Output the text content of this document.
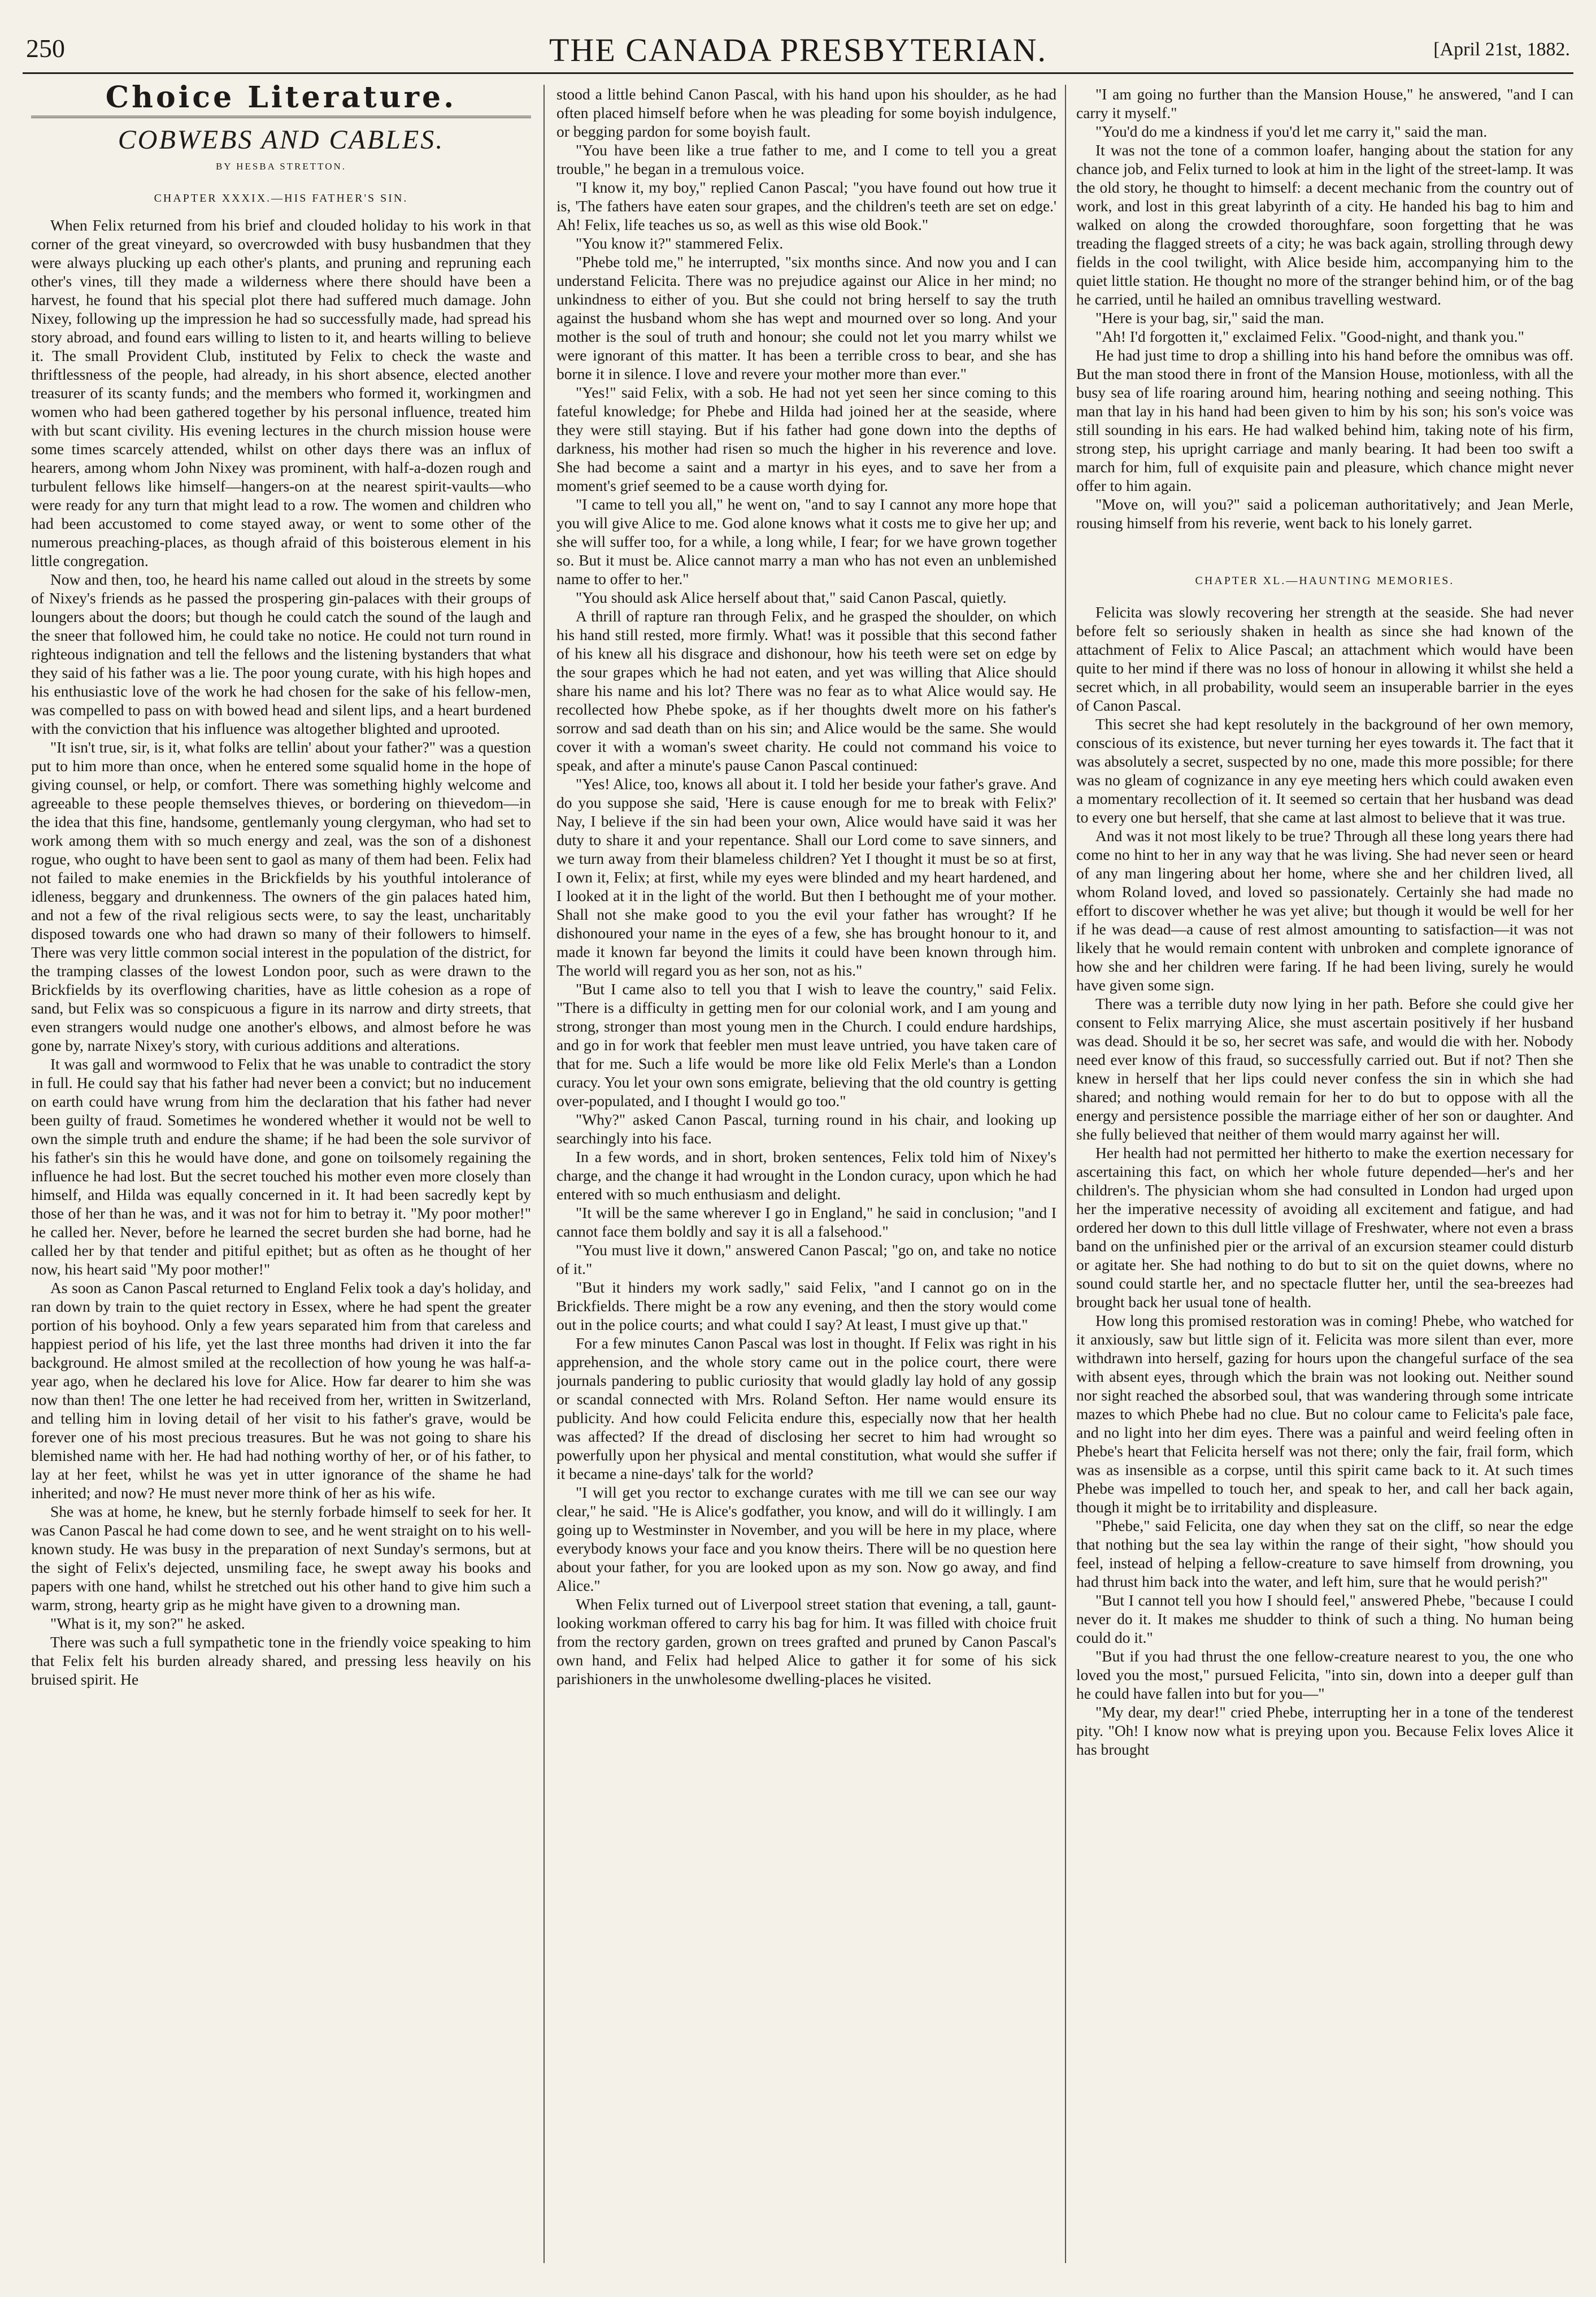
250	THE CANADA PRESBYTERIAN.	[April 21st, 1882.
Choice Literature.
COBWEBS AND CABLES.
BY HESBA STRETTON.
CHAPTER XXXIX.—HIS FATHER'S SIN.

When Felix returned from his brief and clouded holiday to his work in that corner of the great vineyard, so overcrowded with busy husbandmen that they were always plucking up each other's plants, and pruning and repruning each other's vines, till they made a wilderness where there should have been a harvest, he found that his special plot there had suffered much damage. John Nixey, following up the impression he had so successfully made, had spread his story abroad, and found ears willing to listen to it, and hearts willing to believe it. The small Provident Club, instituted by Felix to check the waste and thriftlessness of the people, had already, in his short absence, elected another treasurer of its scanty funds; and the members who formed it, workingmen and women who had been gathered together by his personal influence, treated him with but scant civility. His evening lectures in the church mission house were some times scarcely attended, whilst on other days there was an influx of hearers, among whom John Nixey was prominent, with half-a-dozen rough and turbulent fellows like himself—hangers-on at the nearest spirit-vaults—who were ready for any turn that might lead to a row. The women and children who had been accustomed to come stayed away, or went to some other of the numerous preaching-places, as though afraid of this boisterous element in his little congregation.

Now and then, too, he heard his name called out aloud in the streets by some of Nixey's friends as he passed the prospering gin-palaces with their groups of loungers about the doors; but though he could catch the sound of the laugh and the sneer that followed him, he could take no notice. He could not turn round in righteous indignation and tell the fellows and the listening bystanders that what they said of his father was a lie. The poor young curate, with his high hopes and his enthusiastic love of the work he had chosen for the sake of his fellow-men, was compelled to pass on with bowed head and silent lips, and a heart burdened with the conviction that his influence was altogether blighted and uprooted.

"It isn't true, sir, is it, what folks are tellin' about your father?" was a question put to him more than once, when he entered some squalid home in the hope of giving counsel, or help, or comfort. There was something highly welcome and agreeable to these people themselves thieves, or bordering on thievedom—in the idea that this fine, handsome, gentlemanly young clergyman, who had set to work among them with so much energy and zeal, was the son of a dishonest rogue, who ought to have been sent to gaol as many of them had been. Felix had not failed to make enemies in the Brickfields by his youthful intolerance of idleness, beggary and drunkenness. The owners of the gin palaces hated him, and not a few of the rival religious sects were, to say the least, uncharitably disposed towards one who had drawn so many of their followers to himself. There was very little common social interest in the population of the district, for the tramping classes of the lowest London poor, such as were drawn to the Brickfields by its overflowing charities, have as little cohesion as a rope of sand, but Felix was so conspicuous a figure in its narrow and dirty streets, that even strangers would nudge one another's elbows, and almost before he was gone by, narrate Nixey's story, with curious additions and alterations.

It was gall and wormwood to Felix that he was unable to contradict the story in full. He could say that his father had never been a convict; but no inducement on earth could have wrung from him the declaration that his father had never been guilty of fraud. Sometimes he wondered whether it would not be well to own the simple truth and endure the shame; if he had been the sole survivor of his father's sin this he would have done, and gone on toilsomely regaining the influence he had lost. But the secret touched his mother even more closely than himself, and Hilda was equally concerned in it. It had been sacredly kept by those of her than he was, and it was not for him to betray it. "My poor mother!" he called her. Never, before he learned the secret burden she had borne, had he called her by that tender and pitiful epithet; but as often as he thought of her now, his heart said "My poor mother!"

As soon as Canon Pascal returned to England Felix took a day's holiday, and ran down by train to the quiet rectory in Essex, where he had spent the greater portion of his boyhood. Only a few years separated him from that careless and happiest period of his life, yet the last three months had driven it into the far background. He almost smiled at the recollection of how young he was half-a-year ago, when he declared his love for Alice. How far dearer to him she was now than then! The one letter he had received from her, written in Switzerland, and telling him in loving detail of her visit to his father's grave, would be forever one of his most precious treasures. But he was not going to share his blemished name with her. He had had nothing worthy of her, or of his father, to lay at her feet, whilst he was yet in utter ignorance of the shame he had inherited; and now? He must never more think of her as his wife.

She was at home, he knew, but he sternly forbade himself to seek for her. It was Canon Pascal he had come down to see, and he went straight on to his well-known study. He was busy in the preparation of next Sunday's sermons, but at the sight of Felix's dejected, unsmiling face, he swept away his books and papers with one hand, whilst he stretched out his other hand to give him such a warm, strong, hearty grip as he might have given to a drowning man.

"What is it, my son?" he asked.

There was such a full sympathetic tone in the friendly voice speaking to him that Felix felt his burden already shared, and pressing less heavily on his bruised spirit. He

stood a little behind Canon Pascal, with his hand upon his shoulder, as he had often placed himself before when he was pleading for some boyish indulgence, or begging pardon for some boyish fault.

"You have been like a true father to me, and I come to tell you a great trouble," he began in a tremulous voice.

"I know it, my boy," replied Canon Pascal; "you have found out how true it is, 'The fathers have eaten sour grapes, and the children's teeth are set on edge.' Ah! Felix, life teaches us so, as well as this wise old Book."

"You know it?" stammered Felix.

"Phebe told me," he interrupted, "six months since. And now you and I can understand Felicita. There was no prejudice against our Alice in her mind; no unkindness to either of you. But she could not bring herself to say the truth against the husband whom she has wept and mourned over so long. And your mother is the soul of truth and honour; she could not let you marry whilst we were ignorant of this matter. It has been a terrible cross to bear, and she has borne it in silence. I love and revere your mother more than ever."

"Yes!" said Felix, with a sob. He had not yet seen her since coming to this fateful knowledge; for Phebe and Hilda had joined her at the seaside, where they were still staying. But if his father had gone down into the depths of darkness, his mother had risen so much the higher in his reverence and love. She had become a saint and a martyr in his eyes, and to save her from a moment's grief seemed to be a cause worth dying for.

"I came to tell you all," he went on, "and to say I cannot any more hope that you will give Alice to me. God alone knows what it costs me to give her up; and she will suffer too, for a while, a long while, I fear; for we have grown together so. But it must be. Alice cannot marry a man who has not even an unblemished name to offer to her."

"You should ask Alice herself about that," said Canon Pascal, quietly.

A thrill of rapture ran through Felix, and he grasped the shoulder, on which his hand still rested, more firmly. What! was it possible that this second father of his knew all his disgrace and dishonour, how his teeth were set on edge by the sour grapes which he had not eaten, and yet was willing that Alice should share his name and his lot? There was no fear as to what Alice would say. He recollected how Phebe spoke, as if her thoughts dwelt more on his father's sorrow and sad death than on his sin; and Alice would be the same. She would cover it with a woman's sweet charity. He could not command his voice to speak, and after a minute's pause Canon Pascal continued:

"Yes! Alice, too, knows all about it. I told her beside your father's grave. And do you suppose she said, 'Here is cause enough for me to break with Felix?' Nay, I believe if the sin had been your own, Alice would have said it was her duty to share it and your repentance. Shall our Lord come to save sinners, and we turn away from their blameless children? Yet I thought it must be so at first, I own it, Felix; at first, while my eyes were blinded and my heart hardened, and I looked at it in the light of the world. But then I bethought me of your mother. Shall not she make good to you the evil your father has wrought? If he dishonoured your name in the eyes of a few, she has brought honour to it, and made it known far beyond the limits it could have been known through him. The world will regard you as her son, not as his."

"But I came also to tell you that I wish to leave the country," said Felix. "There is a difficulty in getting men for our colonial work, and I am young and strong, stronger than most young men in the Church. I could endure hardships, and go in for work that feebler men must leave untried, you have taken care of that for me. Such a life would be more like old Felix Merle's than a London curacy. You let your own sons emigrate, believing that the old country is getting over-populated, and I thought I would go too."

"Why?" asked Canon Pascal, turning round in his chair, and looking up searchingly into his face.

In a few words, and in short, broken sentences, Felix told him of Nixey's charge, and the change it had wrought in the London curacy, upon which he had entered with so much enthusiasm and delight.

"It will be the same wherever I go in England," he said in conclusion; "and I cannot face them boldly and say it is all a falsehood."

"You must live it down," answered Canon Pascal; "go on, and take no notice of it."

"But it hinders my work sadly," said Felix, "and I cannot go on in the Brickfields. There might be a row any evening, and then the story would come out in the police courts; and what could I say? At least, I must give up that."

For a few minutes Canon Pascal was lost in thought. If Felix was right in his apprehension, and the whole story came out in the police court, there were journals pandering to public curiosity that would gladly lay hold of any gossip or scandal connected with Mrs. Roland Sefton. Her name would ensure its publicity. And how could Felicita endure this, especially now that her health was affected? If the dread of disclosing her secret to him had wrought so powerfully upon her physical and mental constitution, what would she suffer if it became a nine-days' talk for the world?

"I will get you rector to exchange curates with me till we can see our way clear," he said. "He is Alice's godfather, you know, and will do it willingly. I am going up to Westminster in November, and you will be here in my place, where everybody knows your face and you know theirs. There will be no question here about your father, for you are looked upon as my son. Now go away, and find Alice."

When Felix turned out of Liverpool street station that evening, a tall, gaunt-looking workman offered to carry his bag for him. It was filled with choice fruit from the rectory garden, grown on trees grafted and pruned by Canon Pascal's own hand, and Felix had helped Alice to gather it for some of his sick parishioners in the unwholesome dwelling-places he visited.

"I am going no further than the Mansion House," he answered, "and I can carry it myself."

"You'd do me a kindness if you'd let me carry it," said the man.

It was not the tone of a common loafer, hanging about the station for any chance job, and Felix turned to look at him in the light of the street-lamp. It was the old story, he thought to himself: a decent mechanic from the country out of work, and lost in this great labyrinth of a city. He handed his bag to him and walked on along the crowded thoroughfare, soon forgetting that he was treading the flagged streets of a city; he was back again, strolling through dewy fields in the cool twilight, with Alice beside him, accompanying him to the quiet little station. He thought no more of the stranger behind him, or of the bag he carried, until he hailed an omnibus travelling westward.

"Here is your bag, sir," said the man.

"Ah! I'd forgotten it," exclaimed Felix. "Good-night, and thank you."

He had just time to drop a shilling into his hand before the omnibus was off. But the man stood there in front of the Mansion House, motionless, with all the busy sea of life roaring around him, hearing nothing and seeing nothing. This man that lay in his hand had been given to him by his son; his son's voice was still sounding in his ears. He had walked behind him, taking note of his firm, strong step, his upright carriage and manly bearing. It had been too swift a march for him, full of exquisite pain and pleasure, which chance might never offer to him again.

"Move on, will you?" said a policeman authoritatively; and Jean Merle, rousing himself from his reverie, went back to his lonely garret.

CHAPTER XL.—HAUNTING MEMORIES.

Felicita was slowly recovering her strength at the seaside. She had never before felt so seriously shaken in health as since she had known of the attachment of Felix to Alice Pascal; an attachment which would have been quite to her mind if there was no loss of honour in allowing it whilst she held a secret which, in all probability, would seem an insuperable barrier in the eyes of Canon Pascal.

This secret she had kept resolutely in the background of her own memory, conscious of its existence, but never turning her eyes towards it. The fact that it was absolutely a secret, suspected by no one, made this more possible; for there was no gleam of cognizance in any eye meeting hers which could awaken even a momentary recollection of it. It seemed so certain that her husband was dead to every one but herself, that she came at last almost to believe that it was true.

And was it not most likely to be true? Through all these long years there had come no hint to her in any way that he was living. She had never seen or heard of any man lingering about her home, where she and her children lived, all whom Roland loved, and loved so passionately. Certainly she had made no effort to discover whether he was yet alive; but though it would be well for her if he was dead—a cause of rest almost amounting to satisfaction—it was not likely that he would remain content with unbroken and complete ignorance of how she and her children were faring. If he had been living, surely he would have given some sign.

There was a terrible duty now lying in her path. Before she could give her consent to Felix marrying Alice, she must ascertain positively if her husband was dead. Should it be so, her secret was safe, and would die with her. Nobody need ever know of this fraud, so successfully carried out. But if not? Then she knew in herself that her lips could never confess the sin in which she had shared; and nothing would remain for her to do but to oppose with all the energy and persistence possible the marriage either of her son or daughter. And she fully believed that neither of them would marry against her will.

Her health had not permitted her hitherto to make the exertion necessary for ascertaining this fact, on which her whole future depended—her's and her children's. The physician whom she had consulted in London had urged upon her the imperative necessity of avoiding all excitement and fatigue, and had ordered her down to this dull little village of Freshwater, where not even a brass band on the unfinished pier or the arrival of an excursion steamer could disturb or agitate her. She had nothing to do but to sit on the quiet downs, where no sound could startle her, and no spectacle flutter her, until the sea-breezes had brought back her usual tone of health.

How long this promised restoration was in coming! Phebe, who watched for it anxiously, saw but little sign of it. Felicita was more silent than ever, more withdrawn into herself, gazing for hours upon the changeful surface of the sea with absent eyes, through which the brain was not looking out. Neither sound nor sight reached the absorbed soul, that was wandering through some intricate mazes to which Phebe had no clue. But no colour came to Felicita's pale face, and no light into her dim eyes. There was a painful and weird feeling often in Phebe's heart that Felicita herself was not there; only the fair, frail form, which was as insensible as a corpse, until this spirit came back to it. At such times Phebe was impelled to touch her, and speak to her, and call her back again, though it might be to irritability and displeasure.

"Phebe," said Felicita, one day when they sat on the cliff, so near the edge that nothing but the sea lay within the range of their sight, "how should you feel, instead of helping a fellow-creature to save himself from drowning, you had thrust him back into the water, and left him, sure that he would perish?"

"But I cannot tell you how I should feel," answered Phebe, "because I could never do it. It makes me shudder to think of such a thing. No human being could do it."

"But if you had thrust the one fellow-creature nearest to you, the one who loved you the most," pursued Felicita, "into sin, down into a deeper gulf than he could have fallen into but for you—"

"My dear, my dear!" cried Phebe, interrupting her in a tone of the tenderest pity. "Oh! I know now what is preying upon you. Because Felix loves Alice it has brought
